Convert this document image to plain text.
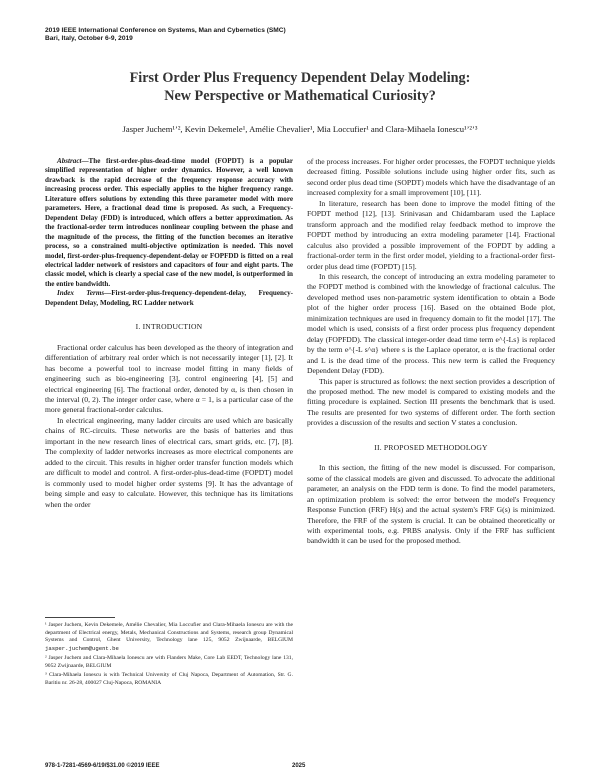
2019 IEEE International Conference on Systems, Man and Cybernetics (SMC)
Bari, Italy, October 6-9, 2019
First Order Plus Frequency Dependent Delay Modeling:
New Perspective or Mathematical Curiosity?
Jasper Juchem¹ʼ², Kevin Dekemele¹, Amélie Chevalier¹, Mia Loccufier¹ and Clara-Mihaela Ionescu¹ʼ²ʼ³

Abstract—The first-order-plus-dead-time model (FOPDT) is a popular simplified representation of higher order dynamics. However, a well known drawback is the rapid decrease of the frequency response accuracy with increasing process order. This especially applies to the higher frequency range. Literature offers solutions by extending this three parameter model with more parameters. Here, a fractional dead time is proposed. As such, a Frequency-Dependent Delay (FDD) is introduced, which offers a better approximation. As the fractional-order term introduces nonlinear coupling between the phase and the magnitude of the process, the fitting of the function becomes an iterative process, so a constrained multi-objective optimization is needed. This novel model, first-order-plus-frequency-dependent-delay or FOPFDD is fitted on a real electrical ladder network of resistors and capacitors of four and eight parts. The classic model, which is clearly a special case of the new model, is outperformed in the entire bandwidth.

Index Terms—First-order-plus-frequency-dependent-delay, Frequency-Dependent Delay, Modeling, RC Ladder network

I. INTRODUCTION

Fractional order calculus has been developed as the theory of integration and differentiation of arbitrary real order which is not necessarily integer [1], [2]. It has become a powerful tool to increase model fitting in many fields of engineering such as bio-engineering [3], control engineering [4], [5] and electrical engineering [6]. The fractional order, denoted by α, is then chosen in the interval (0, 2). The integer order case, where α = 1, is a particular case of the more general fractional-order calculus.

In electrical engineering, many ladder circuits are used which are basically chains of RC-circuits. These networks are the basis of batteries and thus important in the new research lines of electrical cars, smart grids, etc. [7], [8]. The complexity of ladder networks increases as more electrical components are added to the circuit. This results in higher order transfer function models which are difficult to model and control. A first-order-plus-dead-time (FOPDT) model is commonly used to model higher order systems [9]. It has the advantage of being simple and easy to calculate. However, this technique has its limitations when the order

of the process increases. For higher order processes, the FOPDT technique yields decreased fitting. Possible solutions include using higher order fits, such as second order plus dead time (SOPDT) models which have the disadvantage of an increased complexity for a small improvement [10], [11].

In literature, research has been done to improve the model fitting of the FOPDT method [12], [13]. Srinivasan and Chidambaram used the Laplace transform approach and the modified relay feedback method to improve the FOPDT method by introducing an extra modeling parameter [14]. Fractional calculus also provided a possible improvement of the FOPDT by adding a fractional-order term in the first order model, yielding to a fractional-order first-order plus dead time (FOPDT) [15].

In this research, the concept of introducing an extra modeling parameter to the FOPDT method is combined with the knowledge of fractional calculus. The developed method uses non-parametric system identification to obtain a Bode plot of the higher order process [16]. Based on the obtained Bode plot, minimization techniques are used in frequency domain to fit the model [17]. The model which is used, consists of a first order process plus frequency dependent delay (FOPFDD). The classical integer-order dead time term e^{-Ls} is replaced by the term e^{-L s^α} where s is the Laplace operator, α is the fractional order and L is the dead time of the process. This new term is called the Frequency Dependent Delay (FDD).

This paper is structured as follows: the next section provides a description of the proposed method. The new model is compared to existing models and the fitting procedure is explained. Section III presents the benchmark that is used. The results are presented for two systems of different order. The forth section provides a discussion of the results and section V states a conclusion.

II. PROPOSED METHODOLOGY

In this section, the fitting of the new model is discussed. For comparison, some of the classical models are given and discussed. To advocate the additional parameter, an analysis on the FDD term is done. To find the model parameters, an optimization problem is solved: the error between the model's Frequency Response Function (FRF) H(s) and the actual system's FRF G(s) is minimized. Therefore, the FRF of the system is crucial. It can be obtained theoretically or with experimental tools, e.g. PRBS analysis. Only if the FRF has sufficient bandwidth it can be used for the proposed method.

¹ Jasper Juchem, Kevin Dekemele, Amélie Chevalier, Mia Loccufier and Clara-Mihaela Ionescu are with the department of Electrical energy, Metals, Mechanical Constructions and Systems, research group Dynamical Systems and Control, Ghent University, Technology lane 125, 9052 Zwijnaarde, BELGIUM jasper.juchem@ugent.be

² Jasper Juchem and Clara-Mihaela Ionescu are with Flanders Make, Core Lab EEDT, Technology lane 131, 9052 Zwijnaarde, BELGIUM

³ Clara-Mihaela Ionescu is with Technical University of Cluj Napoca, Department of Automation, Str. G. Baritiu nr. 26-28, 400027 Cluj-Napoca, ROMANIA

978-1-7281-4569-6/19/$31.00 ©2019 IEEE	2025
